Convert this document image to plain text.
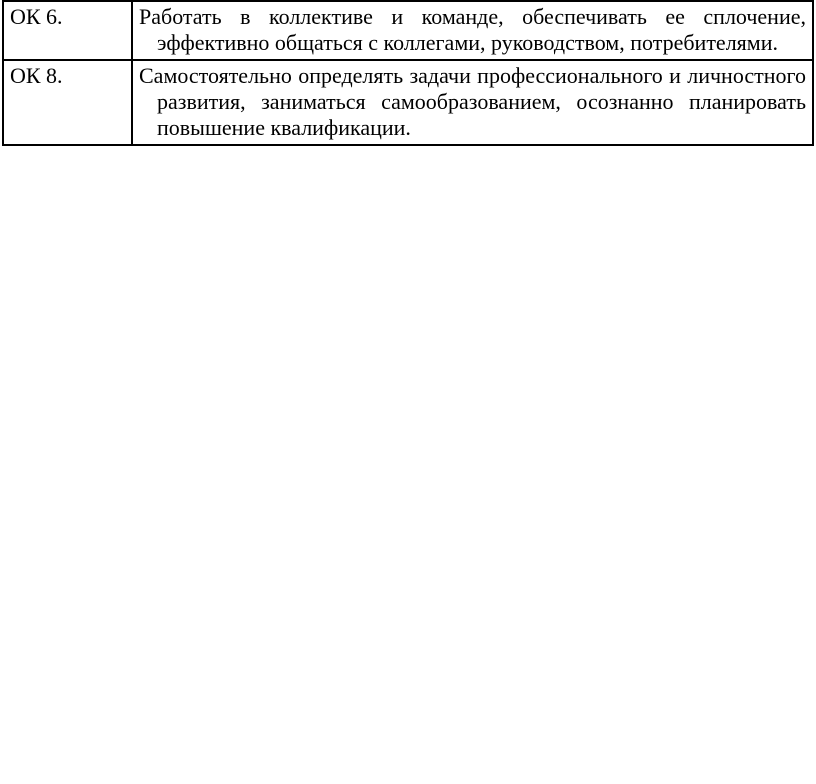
ОК 6.	Работать в коллективе и команде, обеспечивать ее сплочение, эффективно общаться с коллегами, руководством, потребителями.

ОК 8.	Самостоятельно определять задачи профессионального и личностного развития, заниматься самообразованием, осознанно планировать повышение квалификации.
